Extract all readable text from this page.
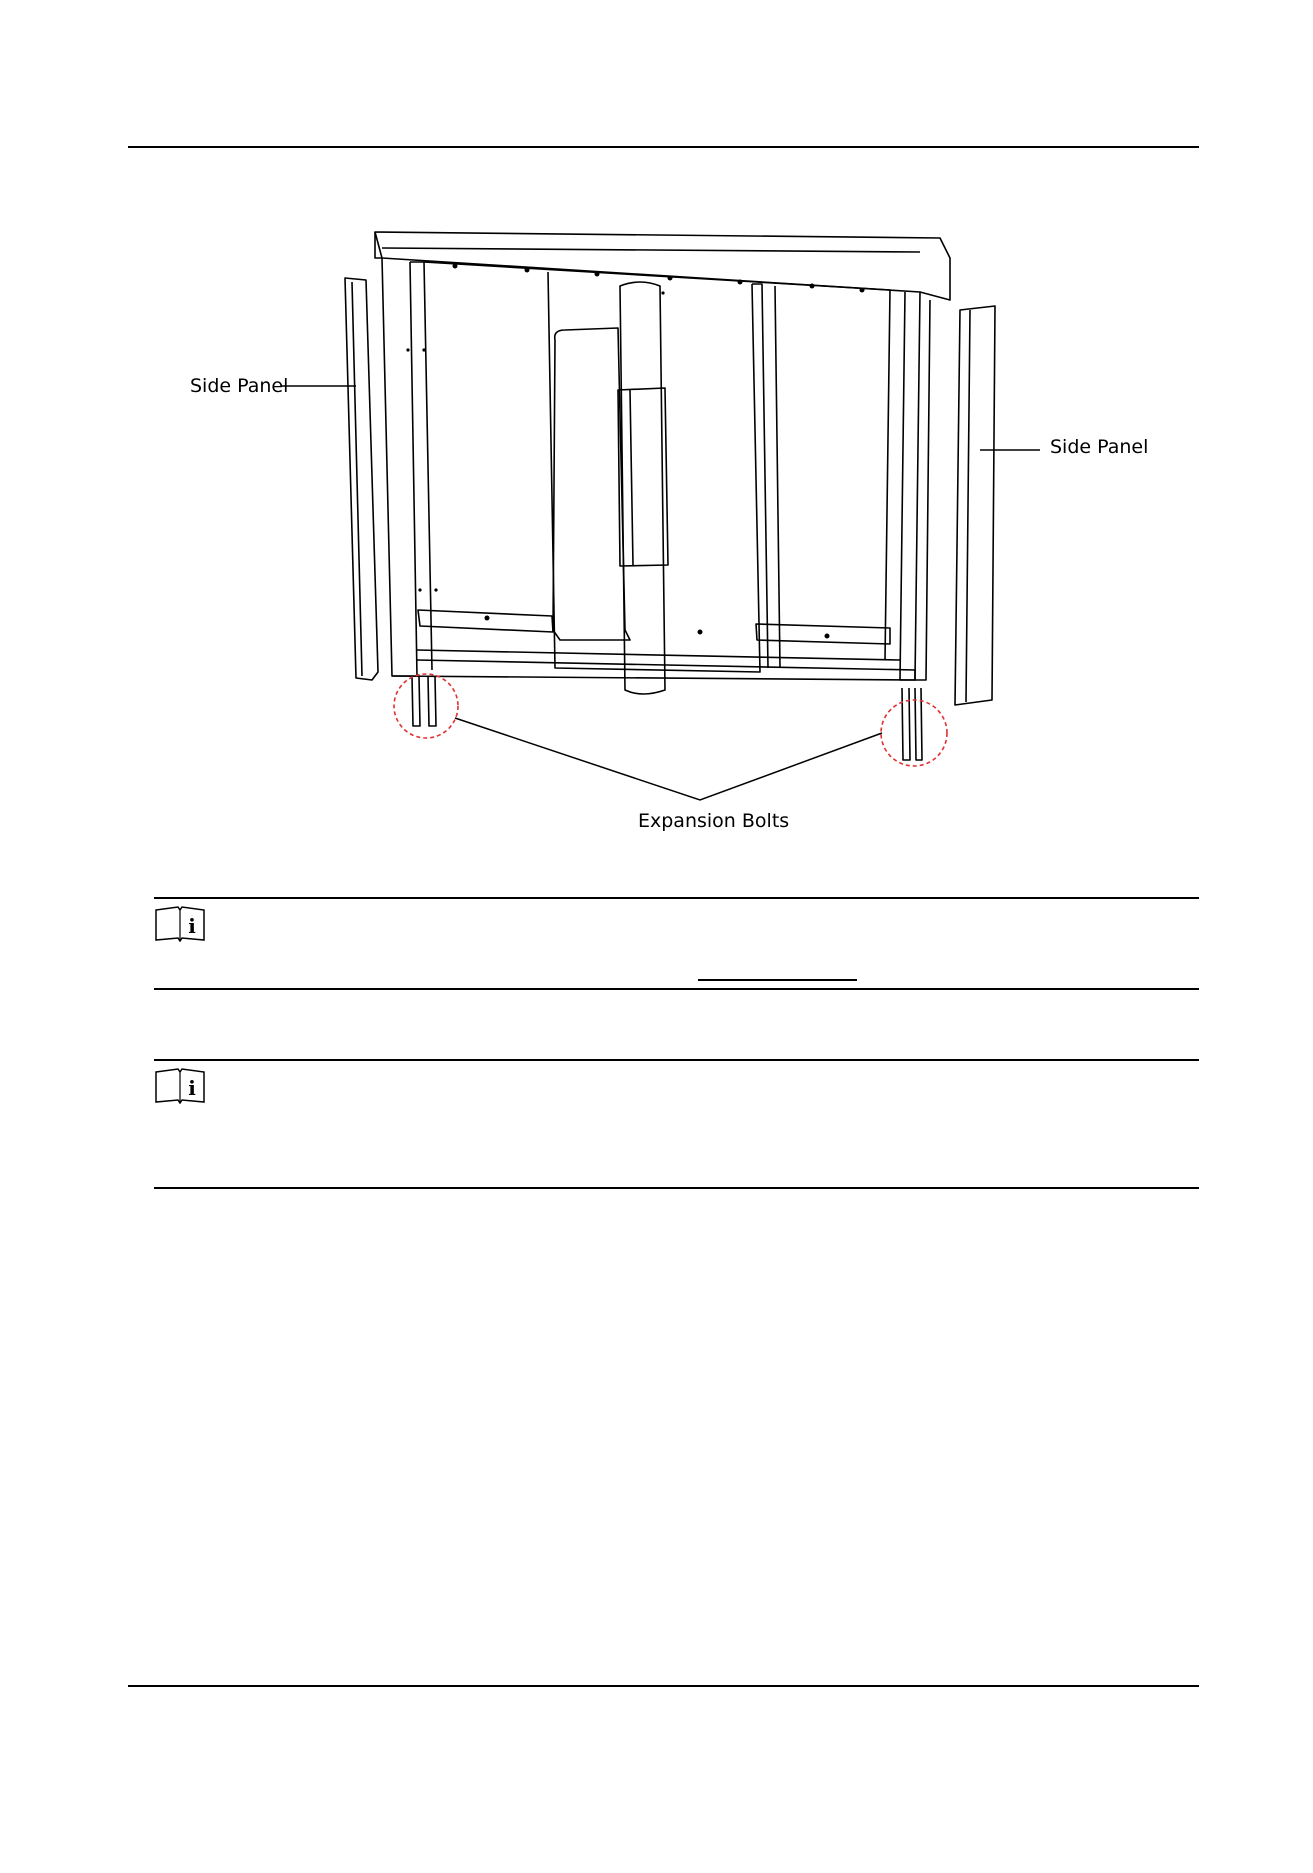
Side Panel
Side Panel
Expansion Bolts
i
i
